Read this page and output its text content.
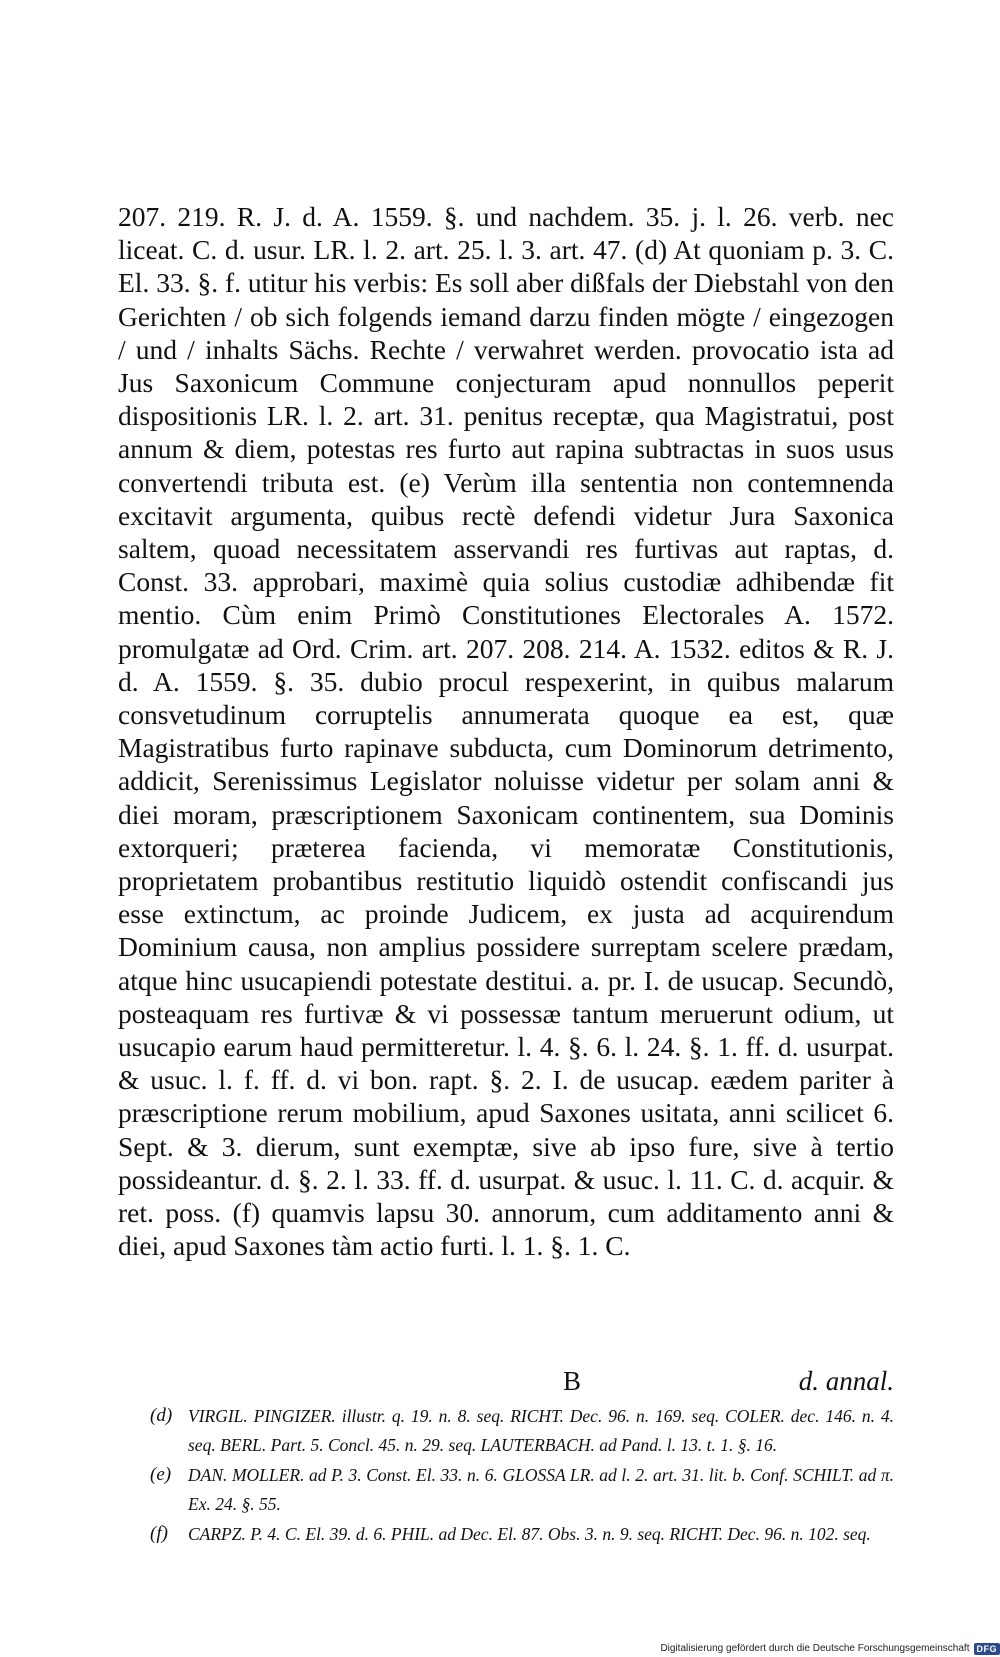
207. 219. R. J. d. A. 1559. §. und nachdem. 35. j. l. 26. verb. nec liceat. C. d. usur. LR. l. 2. art. 25. l. 3. art. 47. (d) At quoniam p. 3. C. El. 33. §. f. utitur his verbis: Es soll aber dißfals der Diebstahl von den Gerichten / ob sich folgends iemand darzu finden mögte / eingezogen / und / inhalts Sächs. Rechte / verwahret werden. provocatio ista ad Jus Saxonicum Commune conjecturam apud nonnullos peperit dispositionis LR. l. 2. art. 31. penitus receptæ, qua Magistratui, post annum & diem, potestas res furto aut rapina subtractas in suos usus convertendi tributa est. (e) Verùm illa sententia non contemnenda excitavit argumenta, quibus rectè defendi videtur Jura Saxonica saltem, quoad necessitatem asservandi res furtivas aut raptas, d. Const. 33. approbari, maximè quia solius custodiæ adhibendæ fit mentio. Cùm enim Primò Constitutiones Electorales A. 1572. promulgatæ ad Ord. Crim. art. 207. 208. 214. A. 1532. editos & R. J. d. A. 1559. §. 35. dubio procul respexerint, in quibus malarum consvetudinum corruptelis annumerata quoque ea est, quæ Magistratibus furto rapinave subducta, cum Dominorum detrimento, addicit, Serenissimus Legislator noluisse videtur per solam anni & diei moram, præscriptionem Saxonicam continentem, sua Dominis extorqueri; præterea facienda, vi memoratæ Constitutionis, proprietatem probantibus restitutio liquidò ostendit confiscandi jus esse extinctum, ac proinde Judicem, ex justa ad acquirendum Dominium causa, non amplius possidere surreptam scelere prædam, atque hinc usucapiendi potestate destitui. a. pr. I. de usucap. Secundò, posteaquam res furtivæ & vi possessæ tantum meruerunt odium, ut usucapio earum haud permitteretur. l. 4. §. 6. l. 24. §. 1. ff. d. usurpat. & usuc. l. f. ff. d. vi bon. rapt. §. 2. I. de usucap. eædem pariter à præscriptione rerum mobilium, apud Saxones usitata, anni scilicet 6. Sept. & 3. dierum, sunt exemptæ, sive ab ipso fure, sive à tertio possideantur. d. §. 2. l. 33. ff. d. usurpat. & usuc. l. 11. C. d. acquir. & ret. poss. (f) quamvis lapsu 30. annorum, cum additamento anni & diei, apud Saxones tàm actio furti. l. 1. §. 1. C.

B	d. annal.
(d) VIRGIL. PINGIZER. illustr. q. 19. n. 8. seq. RICHT. Dec. 96. n. 169. seq. COLER. dec. 146. n. 4. seq. BERL. Part. 5. Concl. 45. n. 29. seq. LAUTERBACH. ad Pand. l. 13. t. 1. §. 16.
(e) DAN. MOLLER. ad P. 3. Const. El. 33. n. 6. GLOSSA LR. ad l. 2. art. 31. lit. b. Conf. SCHILT. ad π. Ex. 24. §. 55.
(f) CARPZ. P. 4. C. El. 39. d. 6. PHIL. ad Dec. El. 87. Obs. 3. n. 9. seq. RICHT. Dec. 96. n. 102. seq.
Digitalisierung gefördert durch die Deutsche Forschungsgemeinschaft DFG
